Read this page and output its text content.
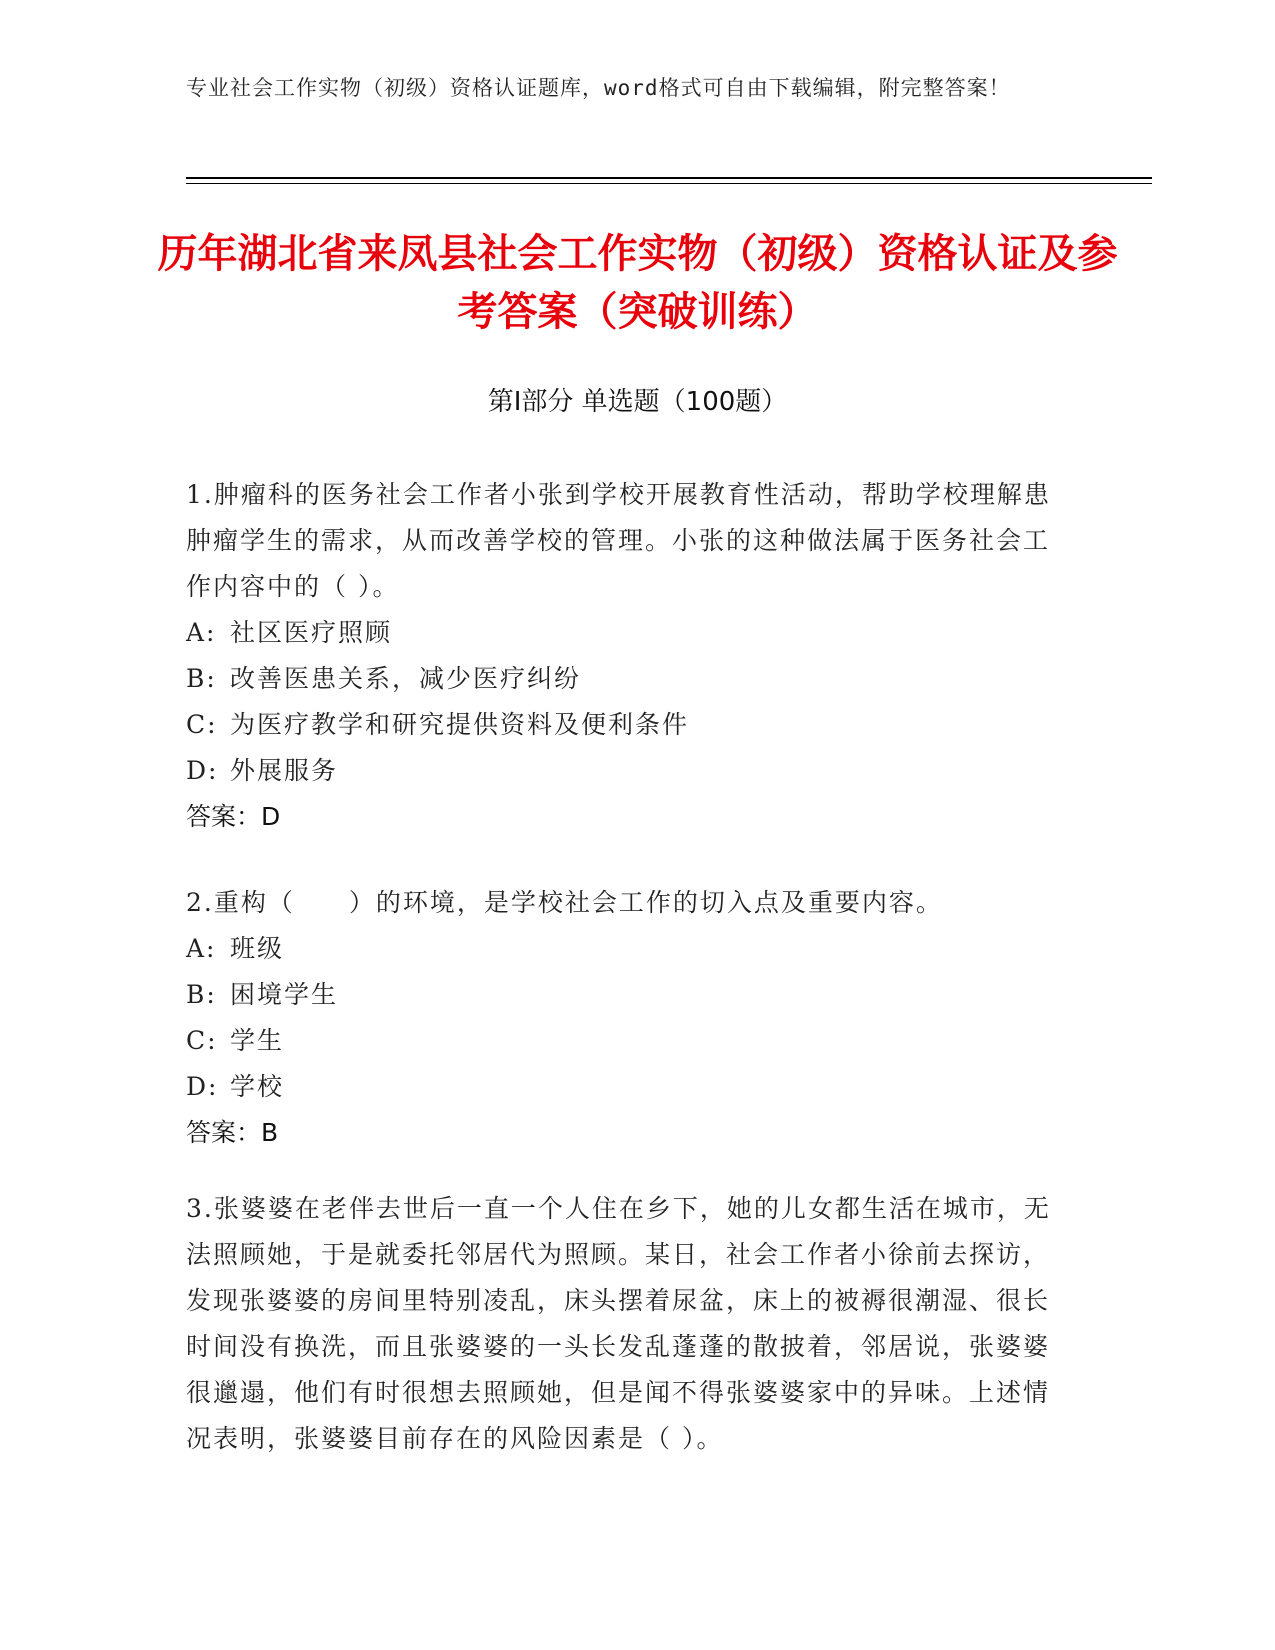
专业社会工作实物（初级）资格认证题库，word格式可自由下载编辑，附完整答案！
历年湖北省来凤县社会工作实物（初级）资格认证及参考答案（突破训练）
第Ⅰ部分 单选题（100题）

1.肿瘤科的医务社会工作者小张到学校开展教育性活动，帮助学校理解患肿瘤学生的需求，从而改善学校的管理。小张的这种做法属于医务社会工作内容中的（ ）。

A: 社区医疗照顾
B: 改善医患关系，减少医疗纠纷
C: 为医疗教学和研究提供资料及便利条件
D: 外展服务
答案：D

2.重构（　　）的环境，是学校社会工作的切入点及重要内容。

A: 班级
B: 困境学生
C: 学生
D: 学校
答案：B

3.张婆婆在老伴去世后一直一个人住在乡下，她的儿女都生活在城市，无法照顾她，于是就委托邻居代为照顾。某日，社会工作者小徐前去探访，发现张婆婆的房间里特别凌乱，床头摆着尿盆，床上的被褥很潮湿、很长时间没有换洗，而且张婆婆的一头长发乱蓬蓬的散披着，邻居说，张婆婆很邋遢，他们有时很想去照顾她，但是闻不得张婆婆家中的异味。上述情况表明，张婆婆目前存在的风险因素是（ ）。
